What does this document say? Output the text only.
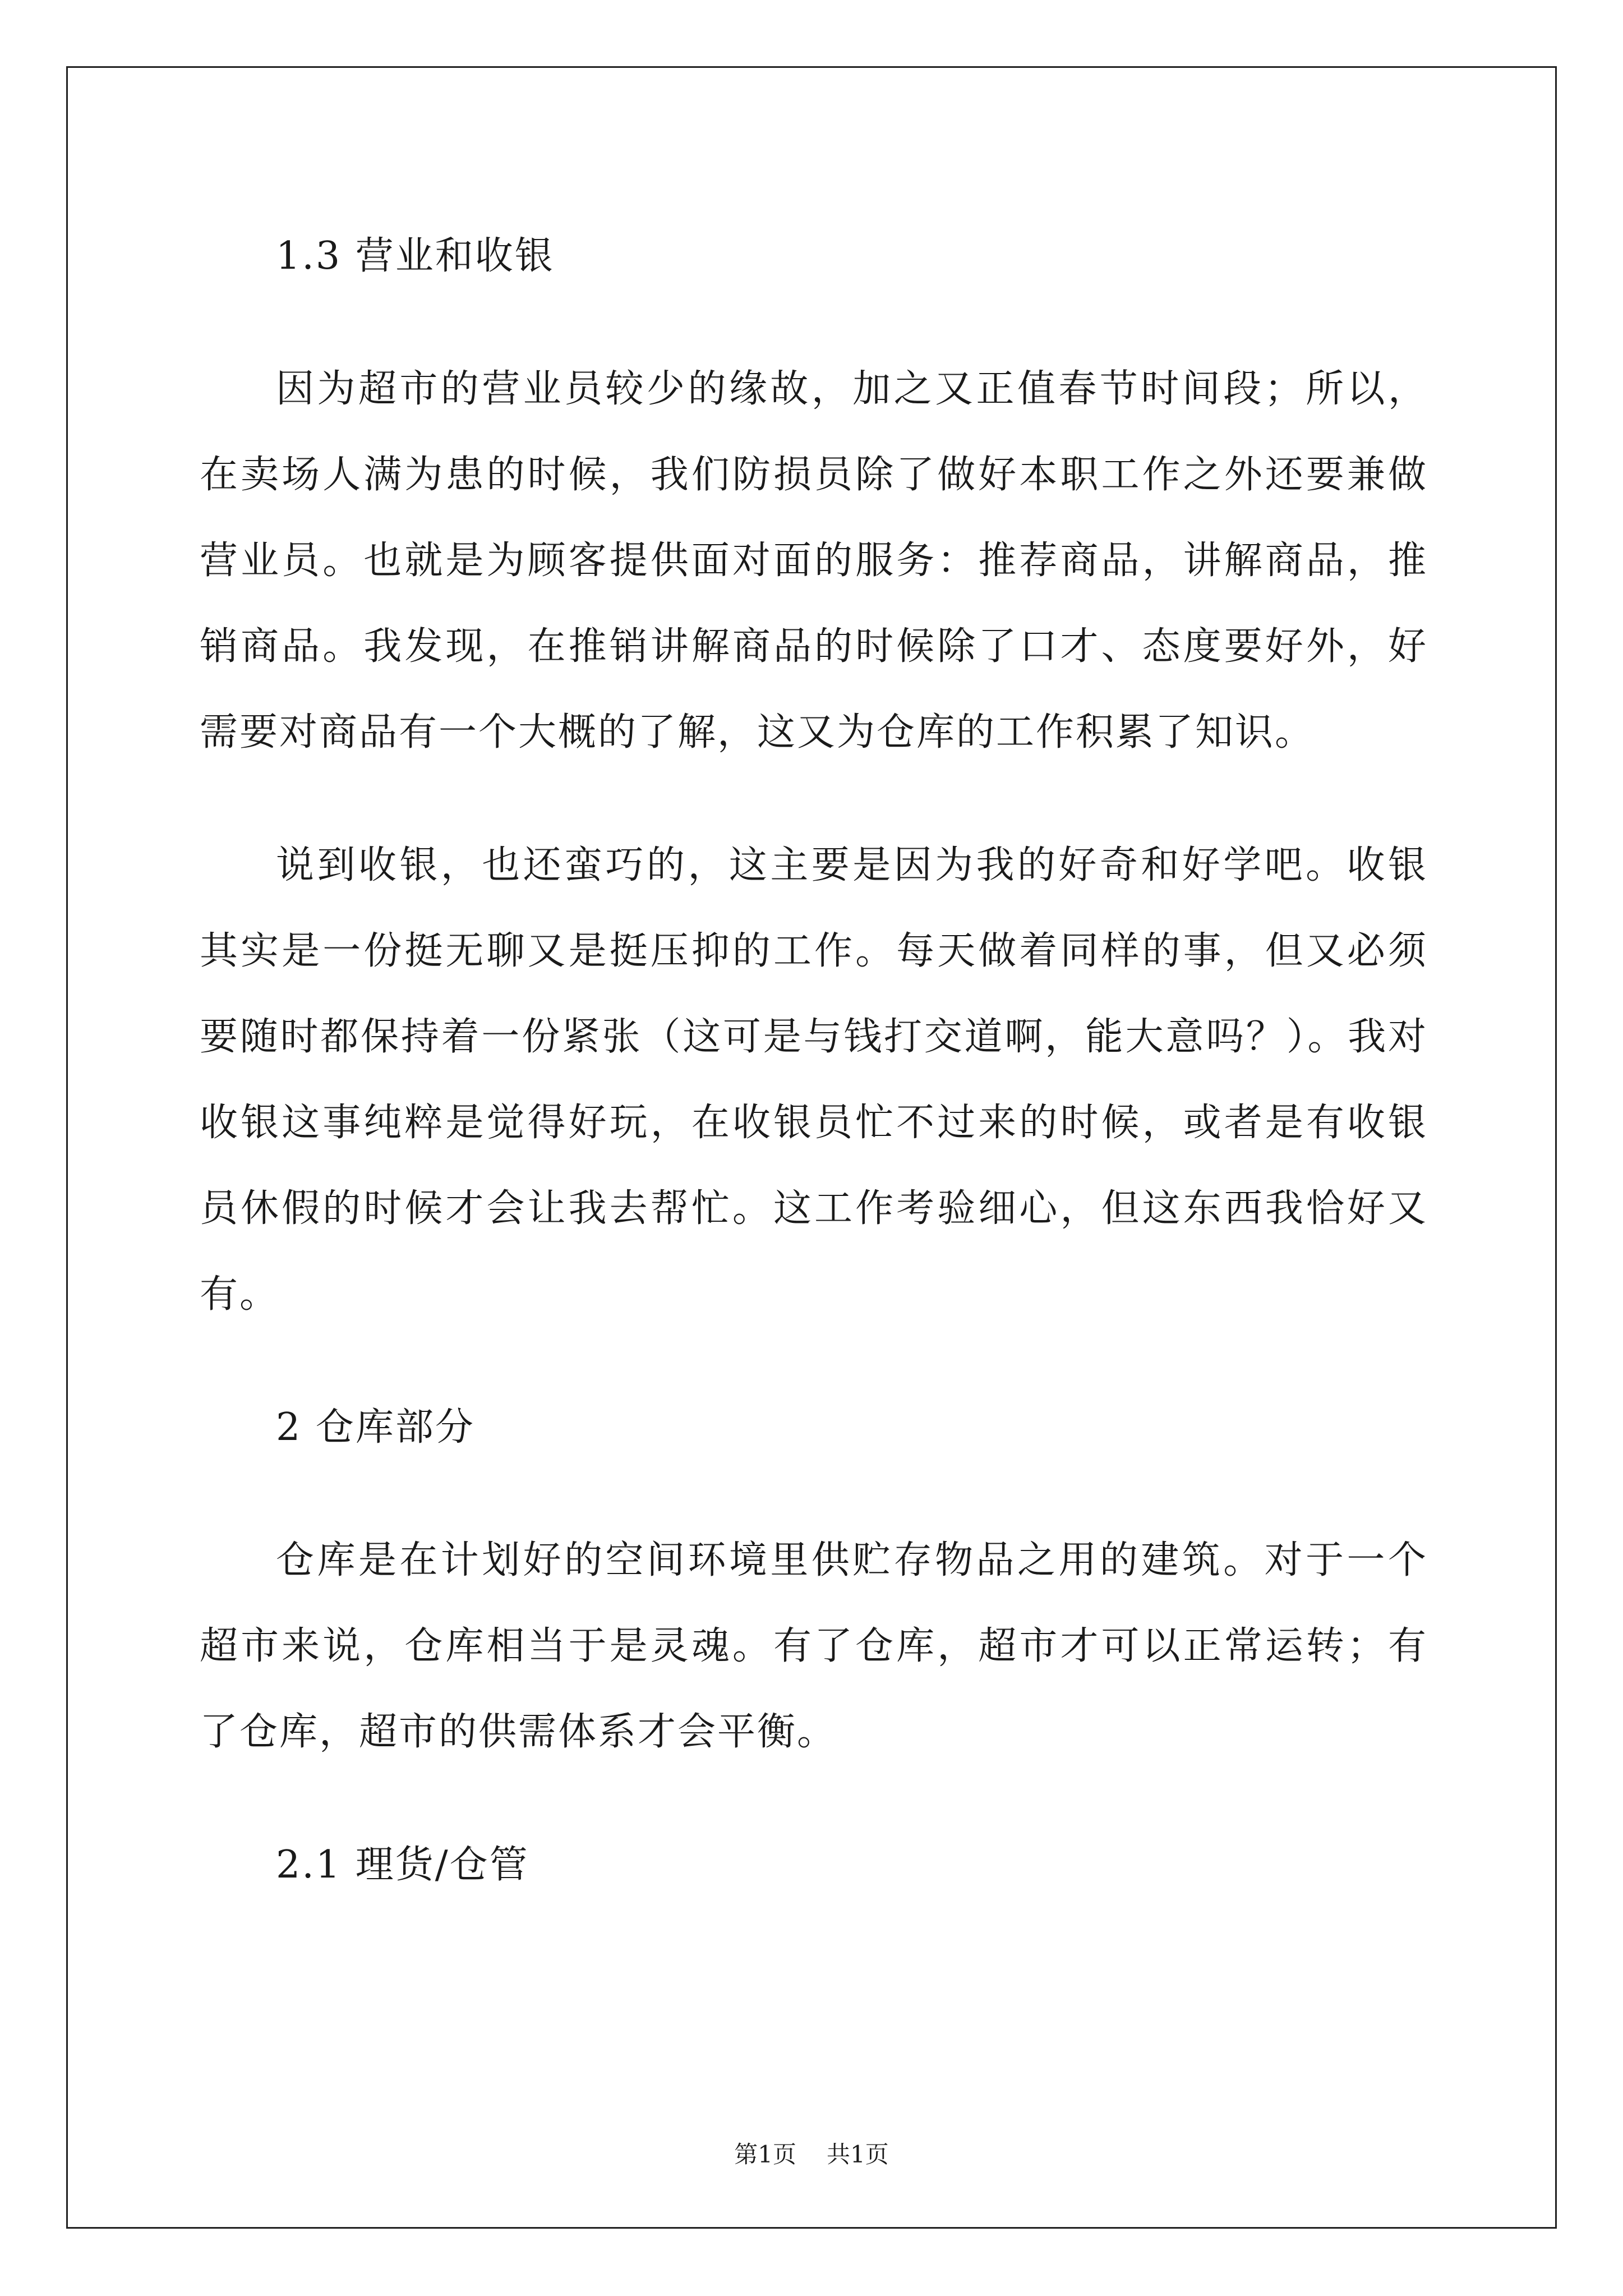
1.3 营业和收银
因为超市的营业员较少的缘故，加之又正值春节时间段；所以，
在卖场人满为患的时候，我们防损员除了做好本职工作之外还要兼做
营业员。也就是为顾客提供面对面的服务：推荐商品，讲解商品，推
销商品。我发现，在推销讲解商品的时候除了口才、态度要好外，好
需要对商品有一个大概的了解，这又为仓库的工作积累了知识。
说到收银，也还蛮巧的，这主要是因为我的好奇和好学吧。收银
其实是一份挺无聊又是挺压抑的工作。每天做着同样的事，但又必须
要随时都保持着一份紧张（这可是与钱打交道啊，能大意吗？）。我对
收银这事纯粹是觉得好玩，在收银员忙不过来的时候，或者是有收银
员休假的时候才会让我去帮忙。这工作考验细心，但这东西我恰好又
有。
2 仓库部分
仓库是在计划好的空间环境里供贮存物品之用的建筑。对于一个
超市来说，仓库相当于是灵魂。有了仓库，超市才可以正常运转；有
了仓库，超市的供需体系才会平衡。
2.1 理货/仓管
第1页 共1页
